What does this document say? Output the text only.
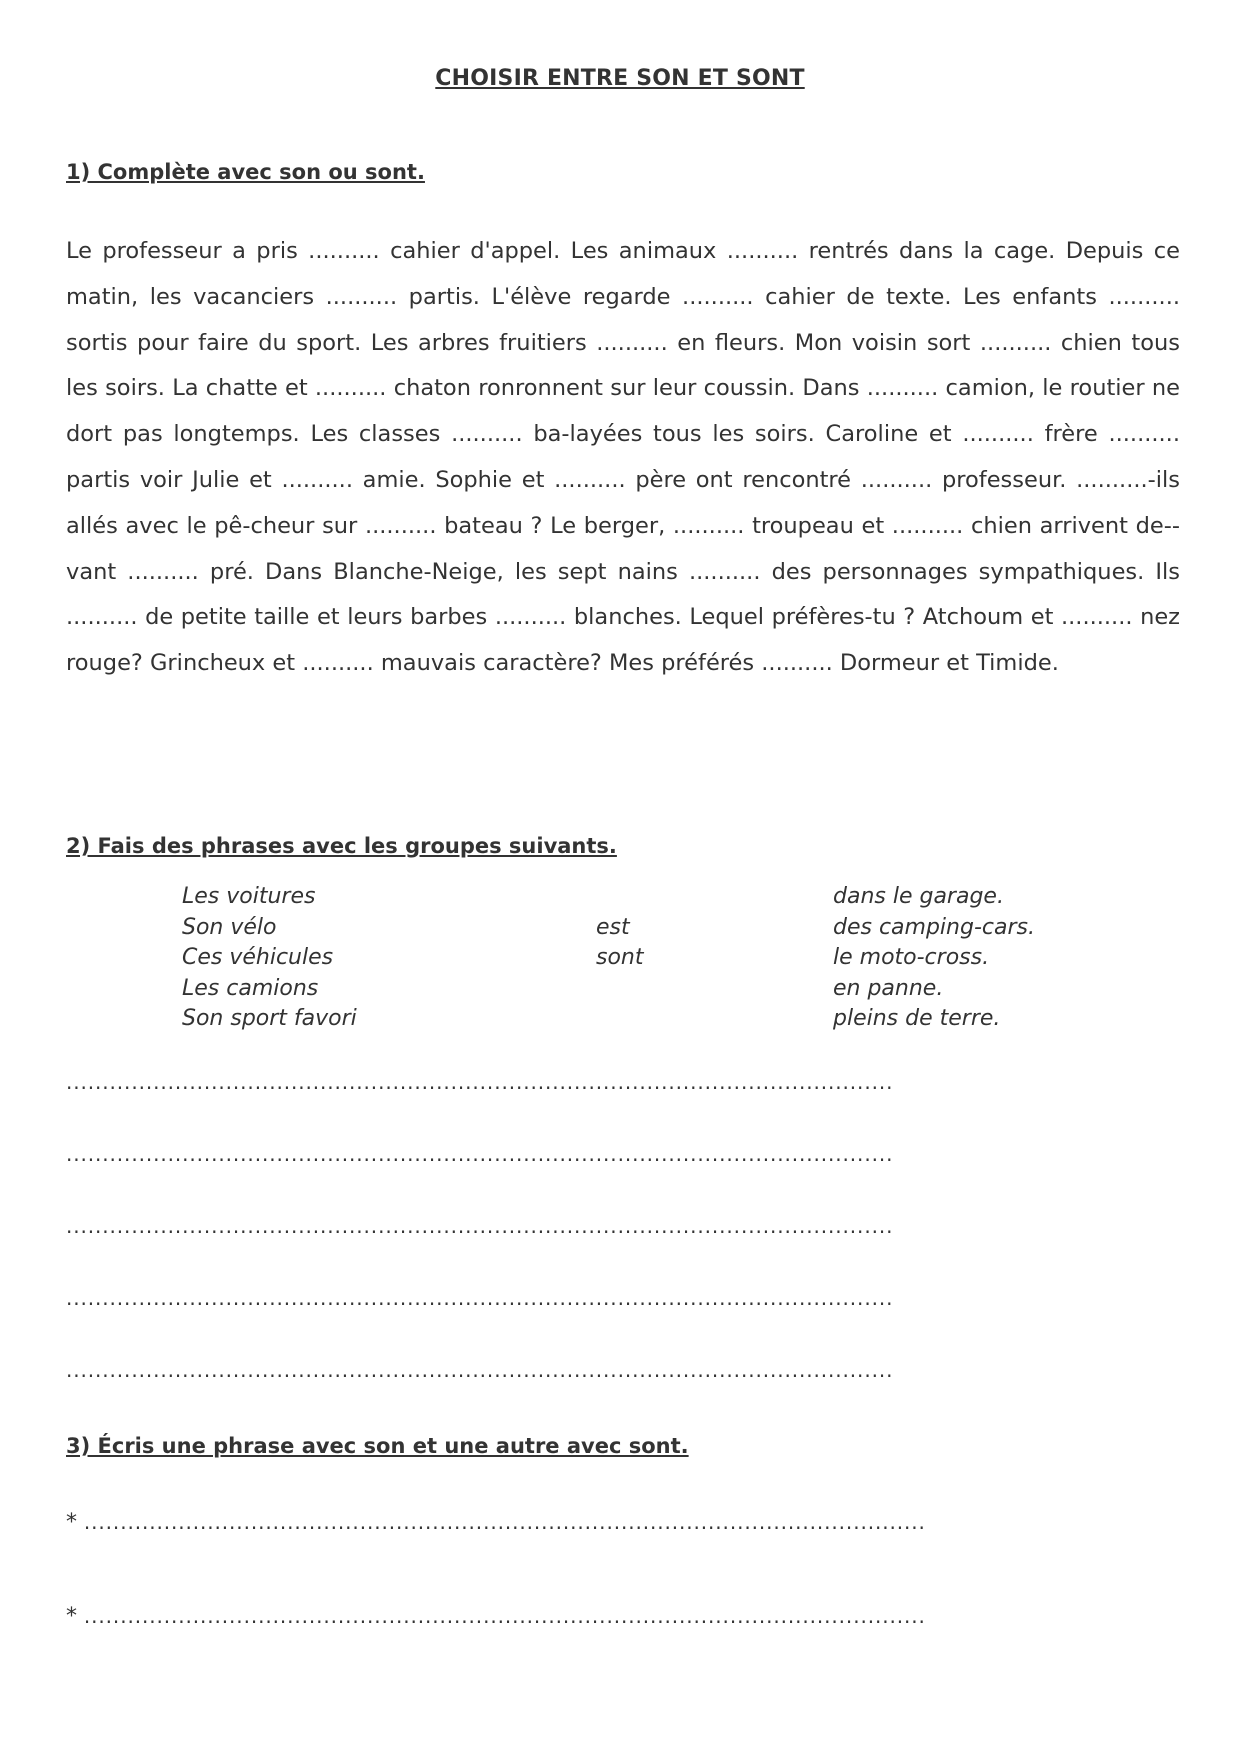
CHOISIR ENTRE SON ET SONT

1) Complète avec son ou sont.

Le professeur a pris .......... cahier d'appel. Les animaux .......... rentrés dans la cage. Depuis ce matin, les vacanciers .......... partis. L'élève regarde .......... cahier de texte. Les enfants .......... sortis pour faire du sport. Les arbres fruitiers .......... en fleurs. Mon voisin sort .......... chien tous les soirs. La chatte et .......... chaton ronronnent sur leur coussin. Dans .......... camion, le routier ne dort pas longtemps. Les classes .......... ba-layées tous les soirs. Caroline et .......... frère .......... partis voir Julie et .......... amie. Sophie et .......... père ont rencontré .......... professeur. ..........-ils allés avec le pê-cheur sur .......... bateau ? Le berger, .......... troupeau et .......... chien arrivent de-vant .......... pré. Dans Blanche-Neige, les sept nains .......... des personnages sympathiques. Ils .......... de petite taille et leurs barbes .......... blanches. Lequel préfères-tu ? Atchoum et .......... nez rouge? Grincheux et .......... mauvais caractère? Mes préférés .......... Dormeur et Timide.

2) Fais des phrases avec les groupes suivants.

Les voitures
Son vélo
Ces véhicules
Les camions
Son sport favori
est
sont
dans le garage.
des camping-cars.
le moto-cross.
en panne.
pleins de terre.
..................................................................................................................
..................................................................................................................
..................................................................................................................
..................................................................................................................
..................................................................................................................

3) Écris une phrase avec son et une autre avec sont.

* ....................................................................................................................
* ....................................................................................................................
